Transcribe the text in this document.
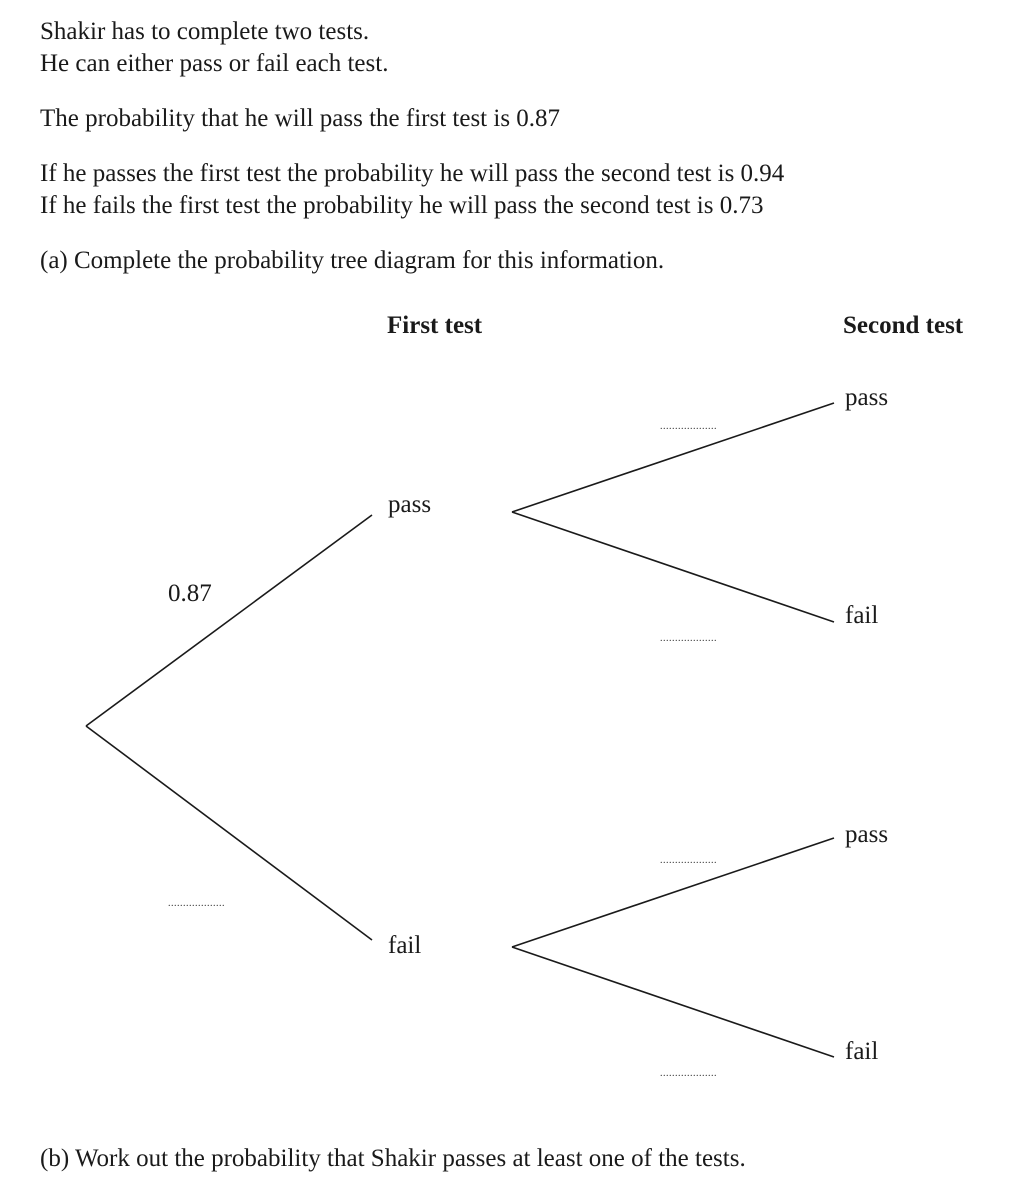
Shakir has to complete two tests.
He can either pass or fail each test.
The probability that he will pass the first test is 0.87
If he passes the first test the probability he will pass the second test is 0.94
If he fails the first test the probability he will pass the second test is 0.73
(a) Complete the probability tree diagram for this information.
First test	Second test
pass
fail
0.87
...................
...................
...................
...................
...................
pass
fail
pass
fail
(b) Work out the probability that Shakir passes at least one of the tests.
